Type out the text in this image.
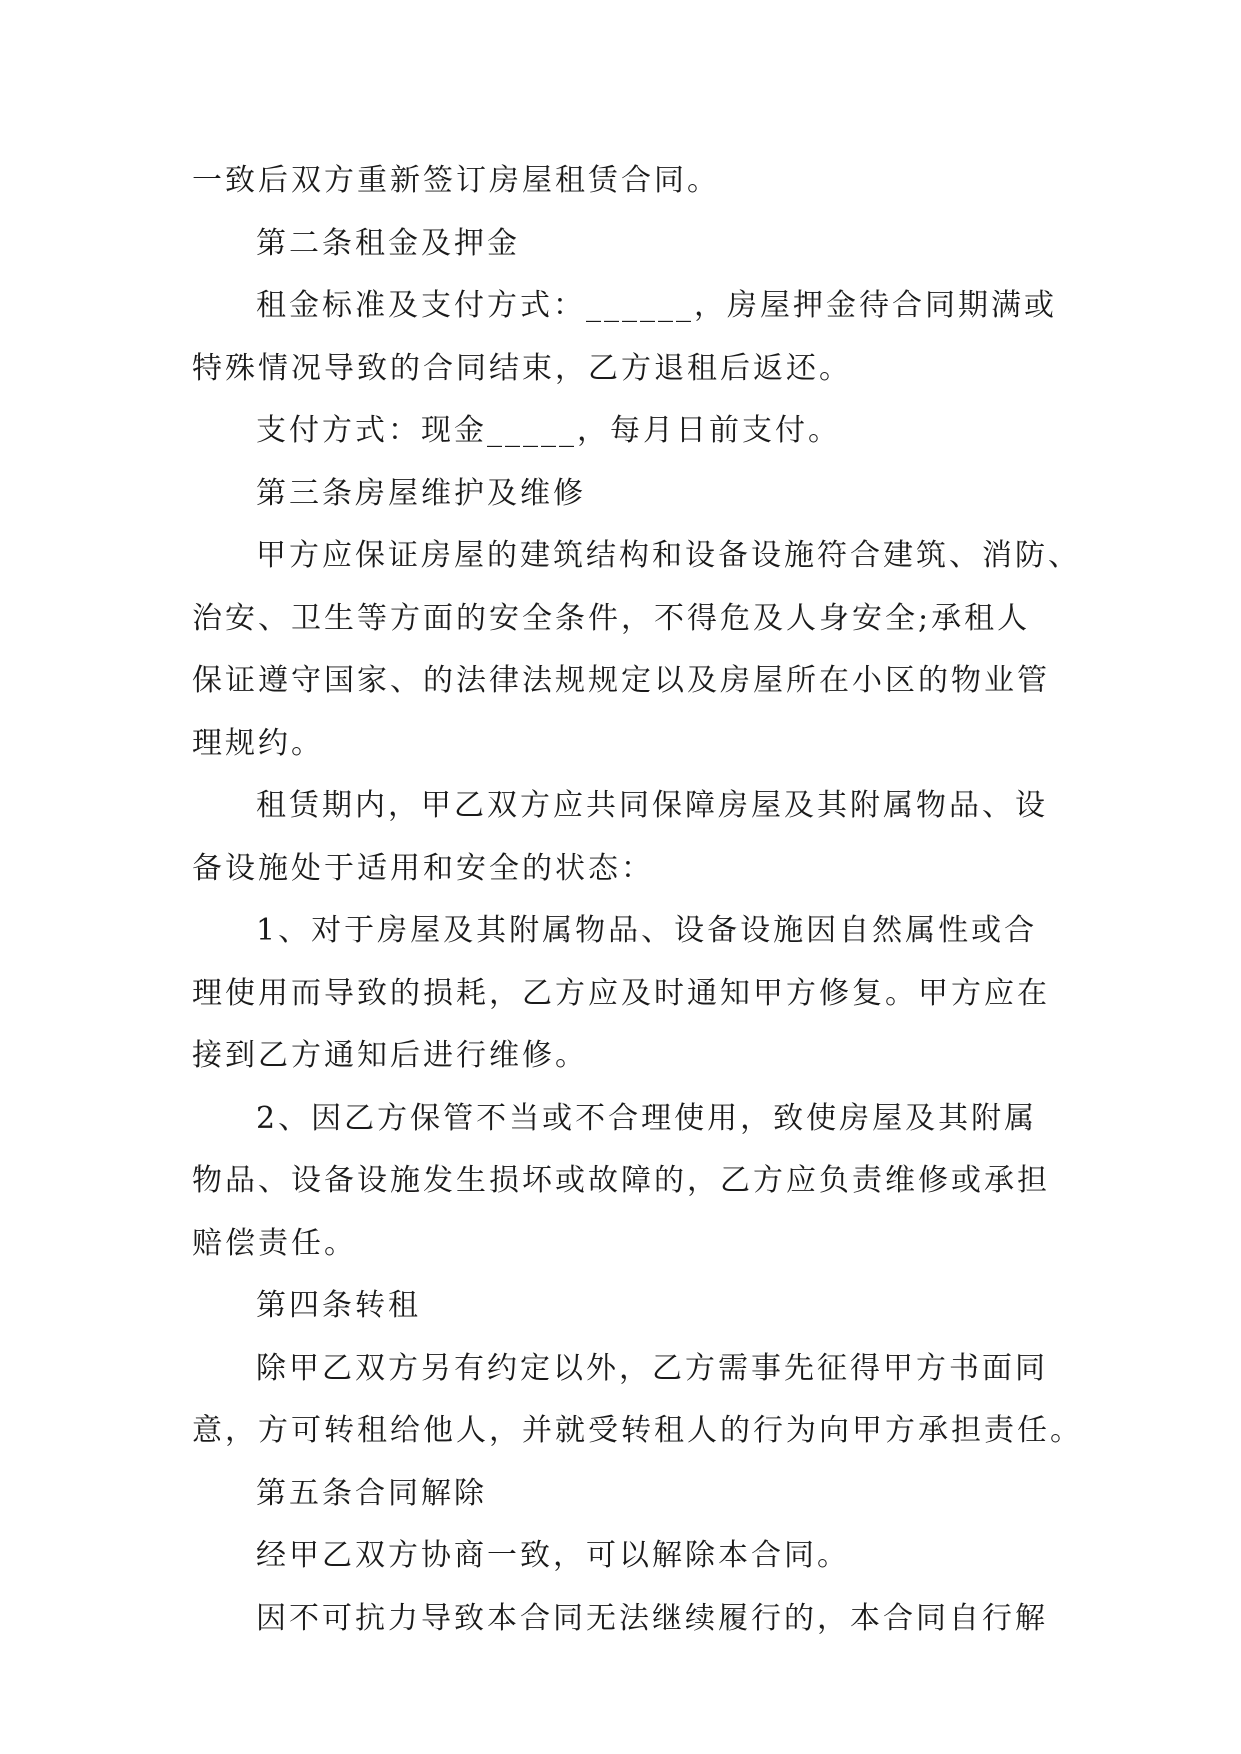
一致后双方重新签订房屋租赁合同。
第二条租金及押金
租金标准及支付方式：______，房屋押金待合同期满或
特殊情况导致的合同结束，乙方退租后返还。
支付方式：现金_____，每月日前支付。
第三条房屋维护及维修
甲方应保证房屋的建筑结构和设备设施符合建筑、消防、
治安、卫生等方面的安全条件，不得危及人身安全;承租人
保证遵守国家、的法律法规规定以及房屋所在小区的物业管
理规约。
租赁期内，甲乙双方应共同保障房屋及其附属物品、设
备设施处于适用和安全的状态：
1、对于房屋及其附属物品、设备设施因自然属性或合
理使用而导致的损耗，乙方应及时通知甲方修复。甲方应在
接到乙方通知后进行维修。
2、因乙方保管不当或不合理使用，致使房屋及其附属
物品、设备设施发生损坏或故障的，乙方应负责维修或承担
赔偿责任。
第四条转租
除甲乙双方另有约定以外，乙方需事先征得甲方书面同
意，方可转租给他人，并就受转租人的行为向甲方承担责任。
第五条合同解除
经甲乙双方协商一致，可以解除本合同。
因不可抗力导致本合同无法继续履行的，本合同自行解
